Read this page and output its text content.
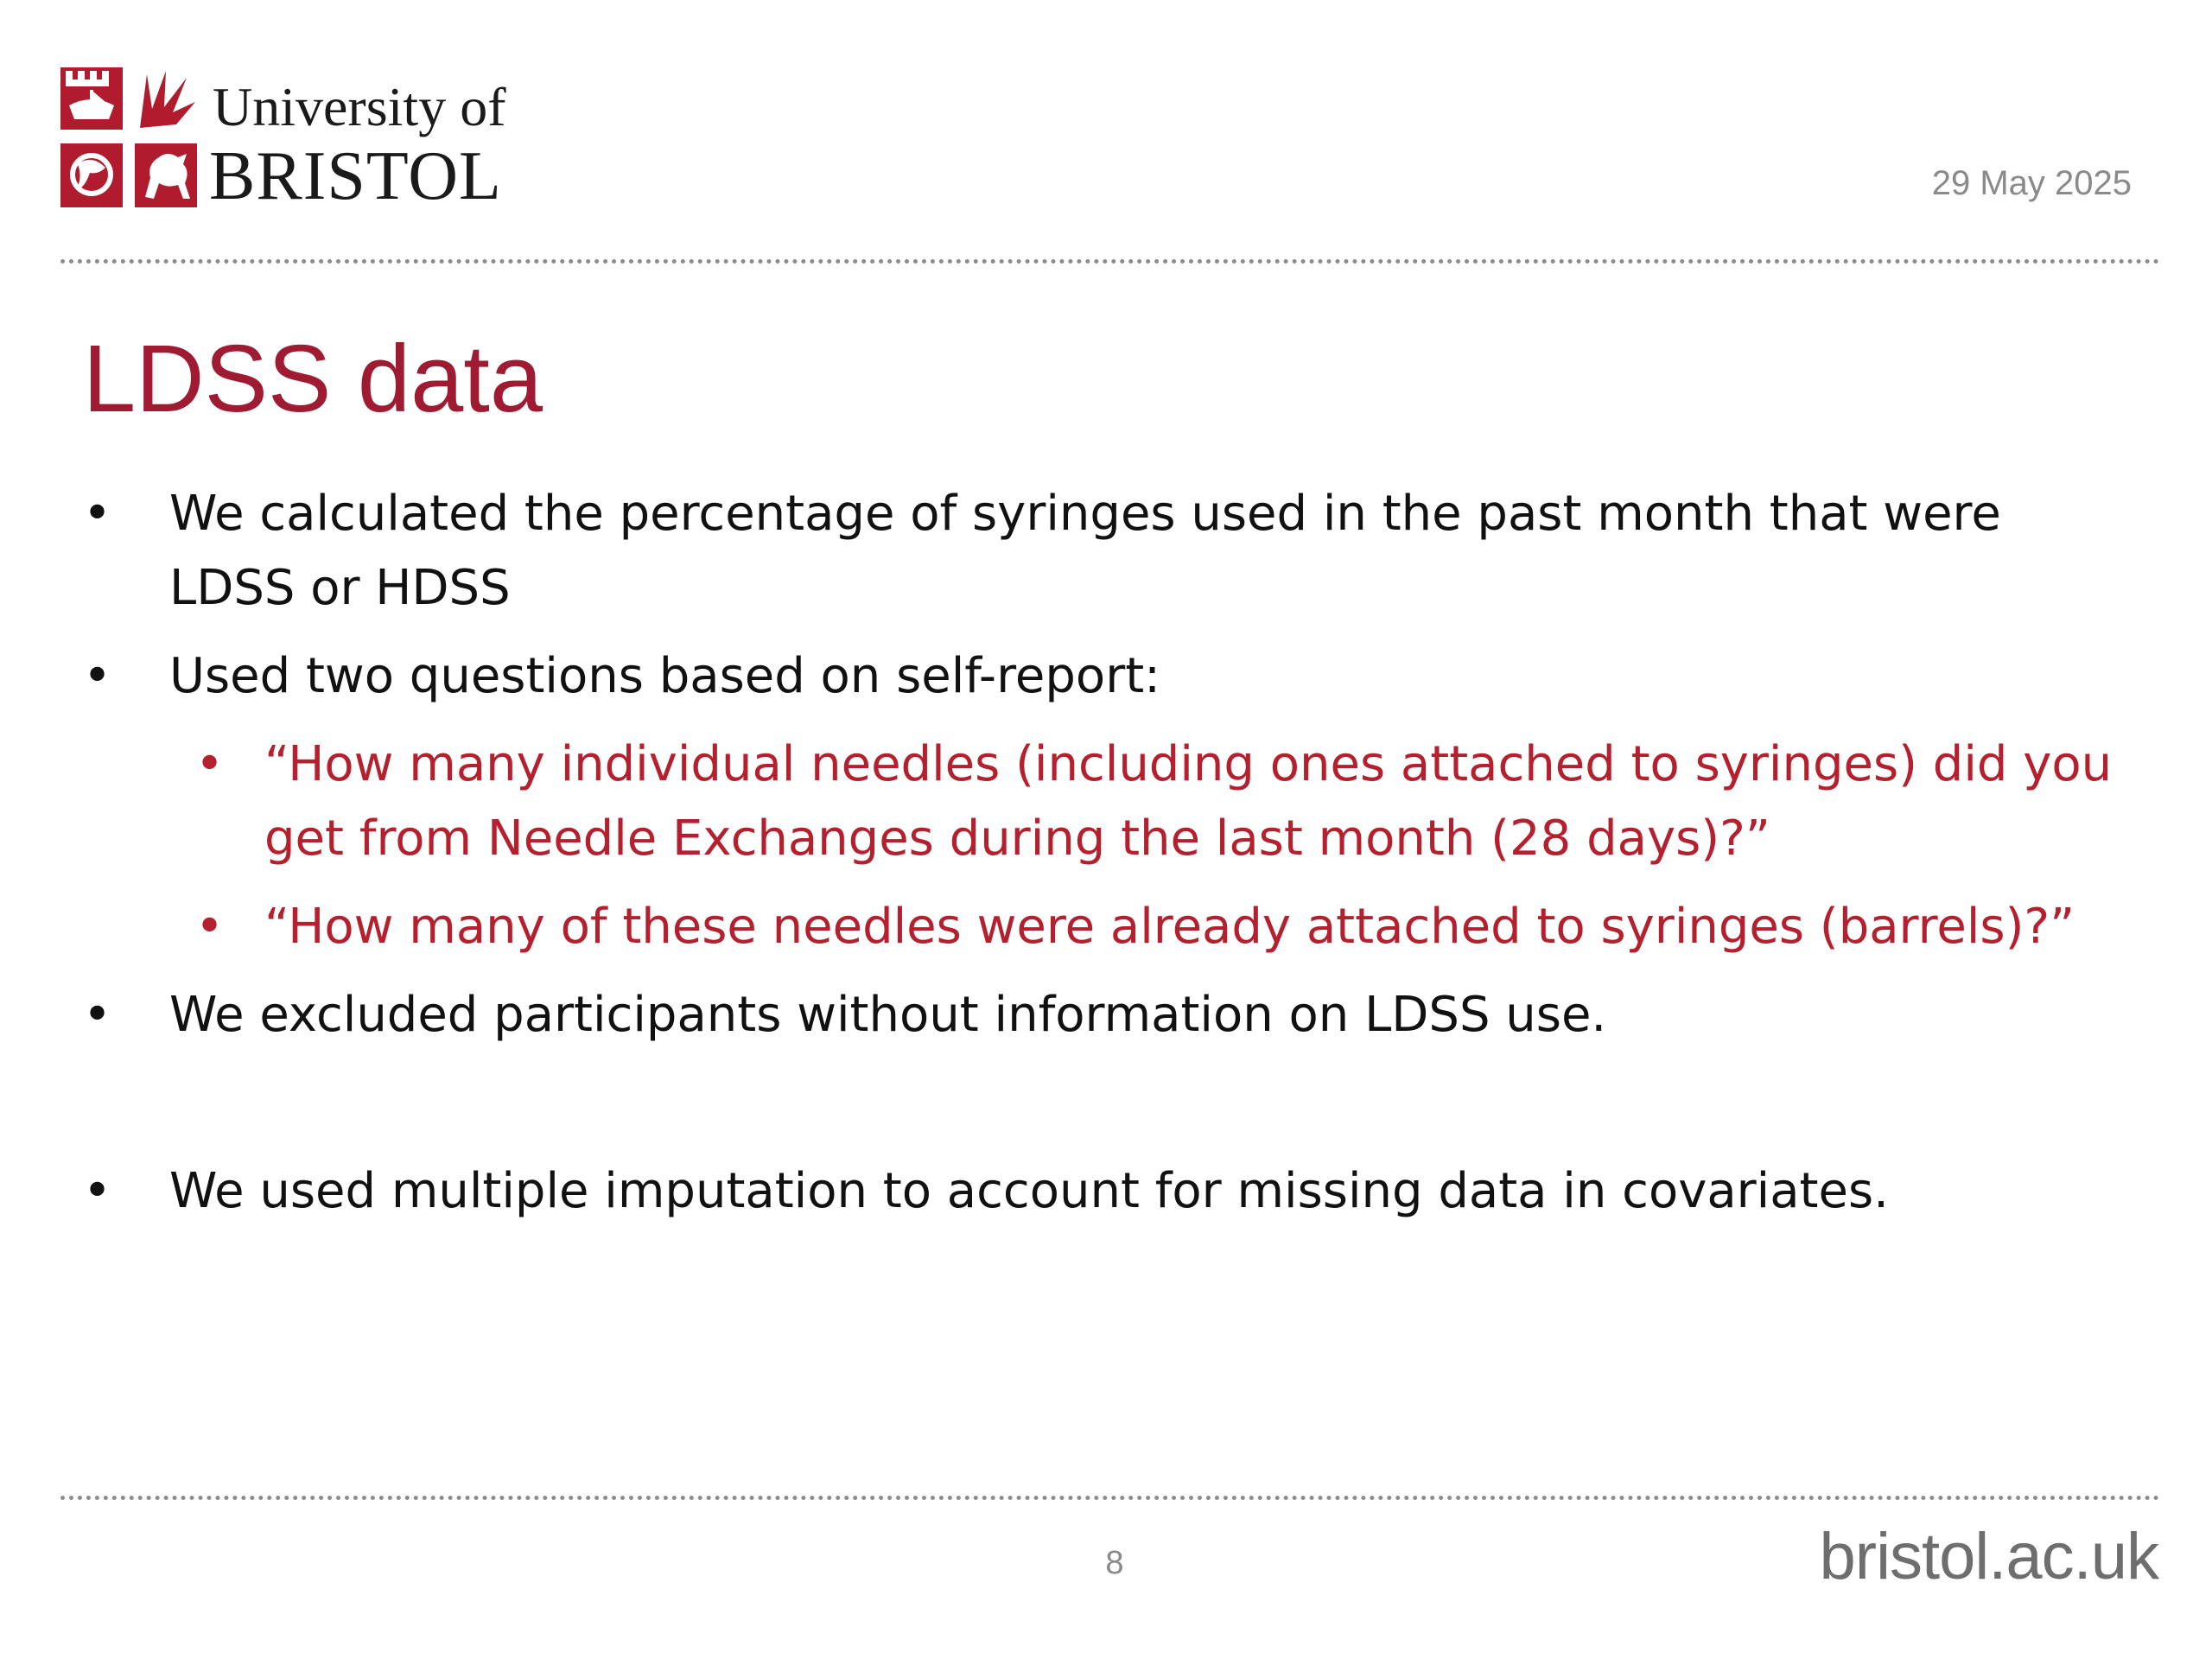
University of
BRISTOL	29 May 2025
LDSS data
• We calculated the percentage of syringes used in the past month that were LDSS or HDSS
• Used two questions based on self-report:
• “How many individual needles (including ones attached to syringes) did you get from Needle Exchanges during the last month (28 days)?”
• “How many of these needles were already attached to syringes (barrels)?”
• We excluded participants without information on LDSS use.
• We used multiple imputation to account for missing data in covariates.
8	bristol.ac.uk
